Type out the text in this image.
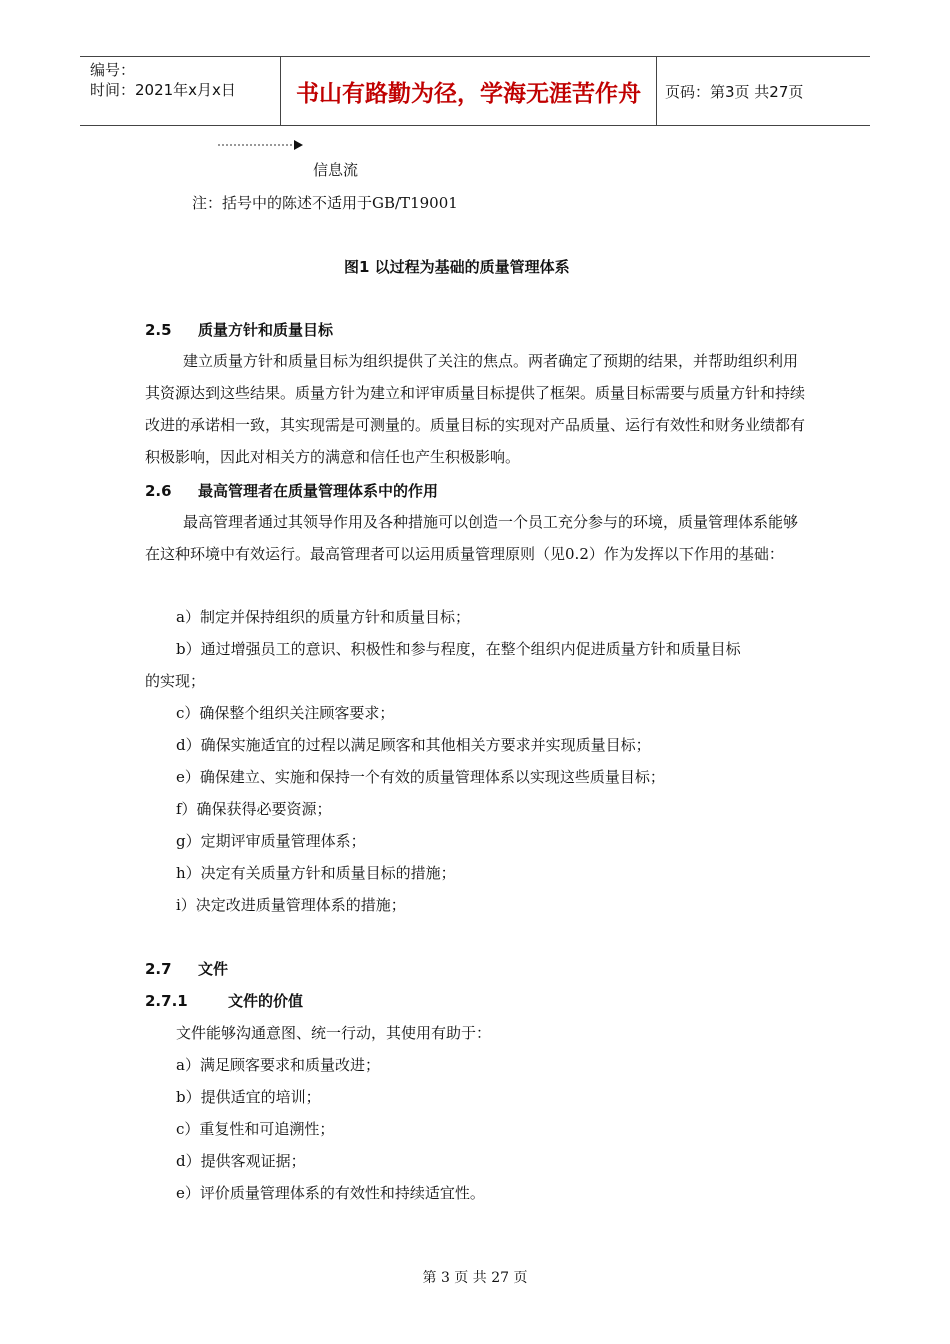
编号：
时间：2021年x月x日	书山有路勤为径，学海无涯苦作舟	页码：第3页 共27页
信息流
注：括号中的陈述不适用于GB/T19001
图1 以过程为基础的质量管理体系
2.5 质量方针和质量目标
建立质量方针和质量目标为组织提供了关注的焦点。两者确定了预期的结果，并帮助组织利用其资源达到这些结果。质量方针为建立和评审质量目标提供了框架。质量目标需要与质量方针和持续改进的承诺相一致，其实现需是可测量的。质量目标的实现对产品质量、运行有效性和财务业绩都有积极影响，因此对相关方的满意和信任也产生积极影响。
2.6 最高管理者在质量管理体系中的作用
最高管理者通过其领导作用及各种措施可以创造一个员工充分参与的环境，质量管理体系能够在这种环境中有效运行。最高管理者可以运用质量管理原则（见0.2）作为发挥以下作用的基础：
a）制定并保持组织的质量方针和质量目标；
b）通过增强员工的意识、积极性和参与程度，在整个组织内促进质量方针和质量目标
的实现；
c）确保整个组织关注顾客要求；
d）确保实施适宜的过程以满足顾客和其他相关方要求并实现质量目标；
e）确保建立、实施和保持一个有效的质量管理体系以实现这些质量目标；
f）确保获得必要资源；
g）定期评审质量管理体系；
h）决定有关质量方针和质量目标的措施；
i）决定改进质量管理体系的措施；
2.7 文件
2.7.1	文件的价值
文件能够沟通意图、统一行动，其使用有助于：
a）满足顾客要求和质量改进；
b）提供适宜的培训；
c）重复性和可追溯性；
d）提供客观证据；
e）评价质量管理体系的有效性和持续适宜性。
第 3 页 共 27 页
